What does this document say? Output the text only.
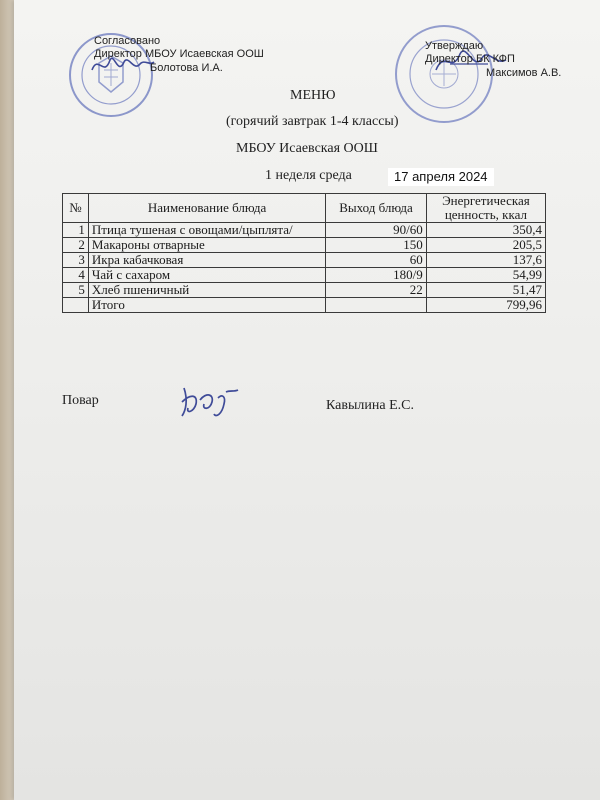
Согласовано
Директор МБОУ Исаевская ООШ
Болотова И.А.
Утверждаю
Директор БК КФП
Максимов А.В.
МЕНЮ
(горячий завтрак 1-4 классы)
МБОУ Исаевская ООШ
1 неделя среда	17 апреля 2024
№	Наименование блюда	Выход блюда	Энергетическая
ценность, ккал

1	Птица тушеная с овощами/цыплята/	90/60	350,4
2	Макароны отварные	150	205,5
3	Икра кабачковая	60	137,6
4	Чай с сахаром	180/9	54,99
5	Хлеб пшеничный	22	51,47
	Итого		799,96
Повар	Кавылина Е.С.
